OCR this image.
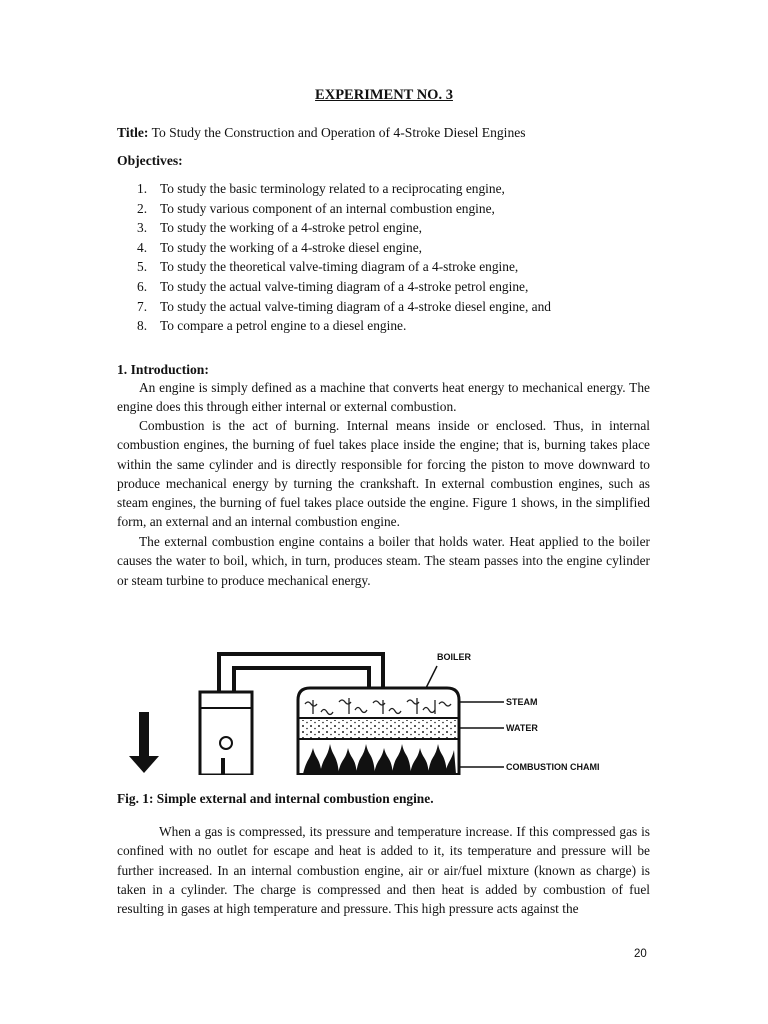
EXPERIMENT NO. 3
Title: To Study the Construction and Operation of 4-Stroke Diesel Engines
Objectives:
1. To study the basic terminology related to a reciprocating engine,
2. To study various component of an internal combustion engine,
3. To study the working of a 4-stroke petrol engine,
4. To study the working of a 4-stroke diesel engine,
5. To study the theoretical valve-timing diagram of a 4-stroke engine,
6. To study the actual valve-timing diagram of a 4-stroke petrol engine,
7. To study the actual valve-timing diagram of a 4-stroke diesel engine, and
8. To compare a petrol engine to a diesel engine.
1. Introduction:

An engine is simply defined as a machine that converts heat energy to mechanical energy. The engine does this through either internal or external combustion.

Combustion is the act of burning. Internal means inside or enclosed. Thus, in internal combustion engines, the burning of fuel takes place inside the engine; that is, burning takes place within the same cylinder and is directly responsible for forcing the piston to move downward to produce mechanical energy by turning the crankshaft. In external combustion engines, such as steam engines, the burning of fuel takes place outside the engine. Figure 1 shows, in the simplified form, an external and an internal combustion engine.

The external combustion engine contains a boiler that holds water. Heat applied to the boiler causes the water to boil, which, in turn, produces steam. The steam passes into the engine cylinder or steam turbine to produce mechanical energy.

BOILER
STEAM
WATER
COMBUSTION CHAMI
Fig. 1: Simple external and internal combustion engine.

When a gas is compressed, its pressure and temperature increase. If this compressed gas is confined with no outlet for escape and heat is added to it, its temperature and pressure will be further increased. In an internal combustion engine, air or air/fuel mixture (known as charge) is taken in a cylinder. The charge is compressed and then heat is added by combustion of fuel resulting in gases at high temperature and pressure. This high pressure acts against the

20
